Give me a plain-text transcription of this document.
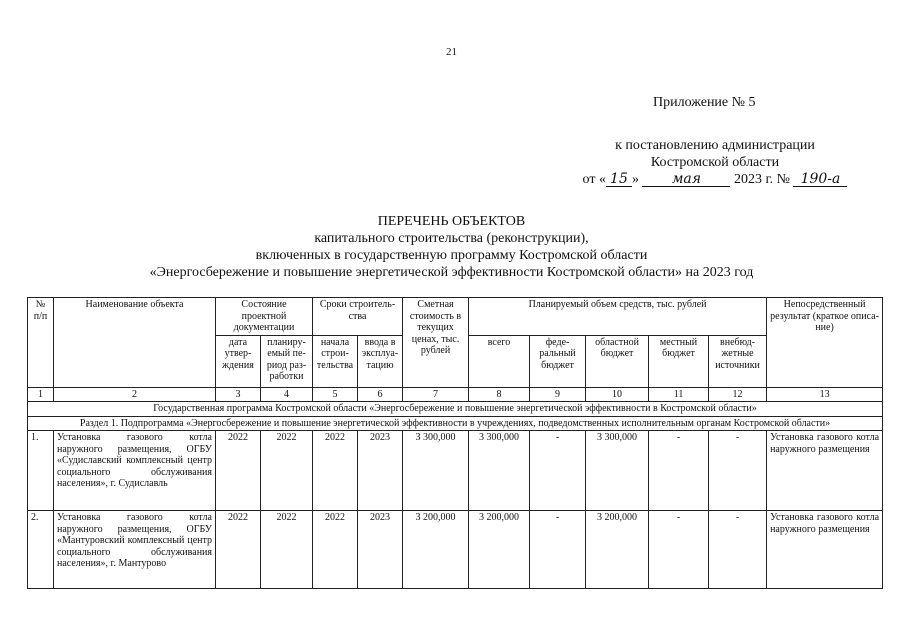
21
Приложение № 5
к постановлению администрации
Костромской области
от « 15 » мая 2023 г. № 190-а
ПЕРЕЧЕНЬ ОБЪЕКТОВ
капитального строительства (реконструкции),
включенных в государственную программу Костромской области
«Энергосбережение и повышение энергетической эффективности Костромской области» на 2023 год
№ п/п	Наименование объекта	Состояние проектной документации		Сроки строительства		Сметная стоимость в текущих ценах, тыс. рублей	Планируемый объем средств, тыс. рублей					Непосредственный результат (краткое описание)
		дата утверждения	планируемый период разработки	начала строительства	ввода в эксплуатацию		всего	федеральный бюджет	областной бюджет	местный бюджет	внебюджетные источники	
1	2	3	4	5	6	7	8	9	10	11	12	13
Государственная программа Костромской области «Энергосбережение и повышение энергетической эффективности в Костромской области»												
Раздел 1. Подпрограмма «Энергосбережение и повышение энергетической эффективности в учреждениях, подведомственных исполнительным органам Костромской области»												
1.	Установка газового котла наружного размещения, ОГБУ «Судиславский комплексный центр социального обслуживания населения», г. Судиславль	2022	2022	2022	2023	3 300,000	3 300,000	-	3 300,000	-	-	Установка газового котла наружного размещения
2.	Установка газового котла наружного размещения, ОГБУ «Мантуровский комплексный центр социального обслуживания населения», г. Мантурово	2022	2022	2022	2023	3 200,000	3 200,000	-	3 200,000	-	-	Установка газового котла наружного размещения
